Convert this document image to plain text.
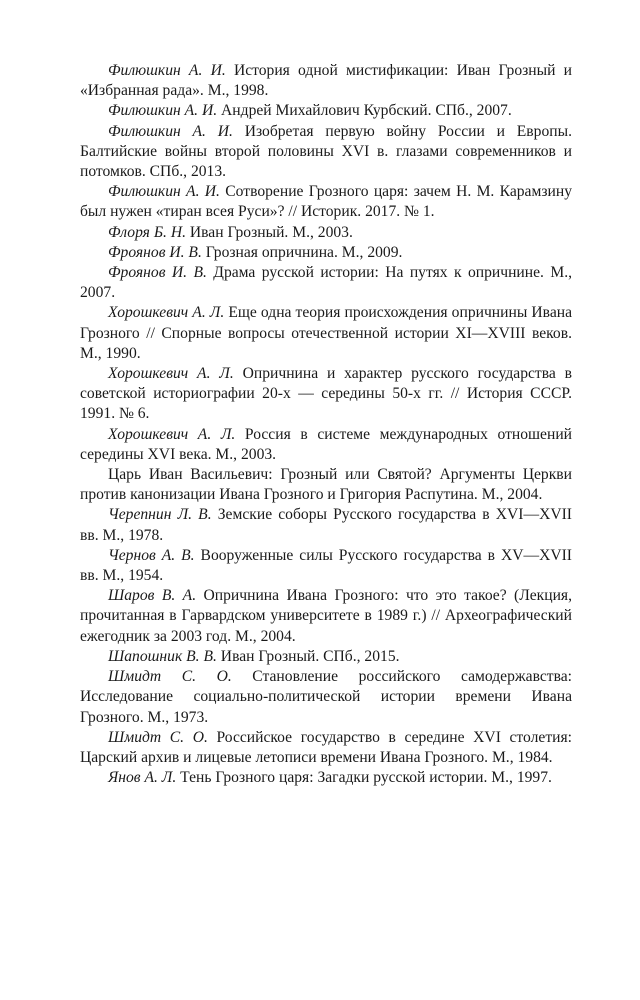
Филюшкин А. И. История одной мистификации: Иван Грозный и «Избранная рада». М., 1998.

Филюшкин А. И. Андрей Михайлович Курбский. СПб., 2007.

Филюшкин А. И. Изобретая первую войну России и Европы. Балтийские войны второй половины XVI в. глазами современников и потомков. СПб., 2013.

Филюшкин А. И. Сотворение Грозного царя: зачем Н. М. Карамзину был нужен «тиран всея Руси»? // Историк. 2017. № 1.

Флоря Б. Н. Иван Грозный. М., 2003.

Фроянов И. В. Грозная опричнина. М., 2009.

Фроянов И. В. Драма русской истории: На путях к опричнине. М., 2007.

Хорошкевич А. Л. Еще одна теория происхождения опричнины Ивана Грозного // Спорные вопросы отечественной истории XI—XVIII веков. М., 1990.

Хорошкевич А. Л. Опричнина и характер русского государства в советской историографии 20-х — середины 50-х гг. // История СССР. 1991. № 6.

Хорошкевич А. Л. Россия в системе международных отношений середины XVI века. М., 2003.

Царь Иван Васильевич: Грозный или Святой? Аргументы Церкви против канонизации Ивана Грозного и Григория Распутина. М., 2004.

Черепнин Л. В. Земские соборы Русского государства в XVI—XVII вв. М., 1978.

Чернов А. В. Вооруженные силы Русского государства в XV—XVII вв. М., 1954.

Шаров В. А. Опричнина Ивана Грозного: что это такое? (Лекция, прочитанная в Гарвардском университете в 1989 г.) // Археографический ежегодник за 2003 год. М., 2004.

Шапошник В. В. Иван Грозный. СПб., 2015.

Шмидт С. О. Становление российского самодержавства: Исследование социально-политической истории времени Ивана Грозного. М., 1973.

Шмидт С. О. Российское государство в середине XVI столетия: Царский архив и лицевые летописи времени Ивана Грозного. М., 1984.

Янов А. Л. Тень Грозного царя: Загадки русской истории. М., 1997.
